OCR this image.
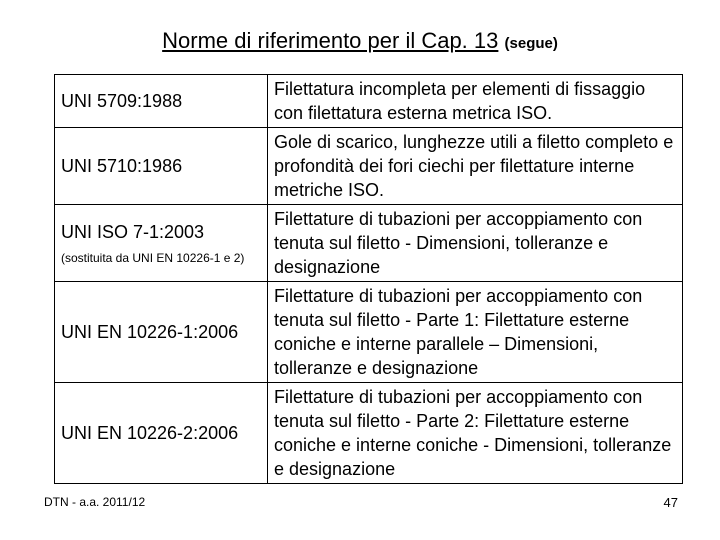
Norme di riferimento per il Cap. 13 (segue)
UNI 5709:1988	Filettatura incompleta per elementi di fissaggio con filettatura esterna metrica ISO.

UNI 5710:1986	Gole di scarico, lunghezze utili a filetto completo e profondità dei fori ciechi per filettature interne metriche ISO.

UNI ISO 7-1:2003
(sostituita da UNI EN 10226-1 e 2)	Filettature di tubazioni per accoppiamento con tenuta sul filetto - Dimensioni, tolleranze e designazione

UNI EN 10226-1:2006	Filettature di tubazioni per accoppiamento con tenuta sul filetto - Parte 1: Filettature esterne coniche e interne parallele – Dimensioni, tolleranze e designazione

UNI EN 10226-2:2006	Filettature di tubazioni per accoppiamento con tenuta sul filetto - Parte 2: Filettature esterne coniche e interne coniche - Dimensioni, tolleranze e designazione
DTN - a.a. 2011/12	47
